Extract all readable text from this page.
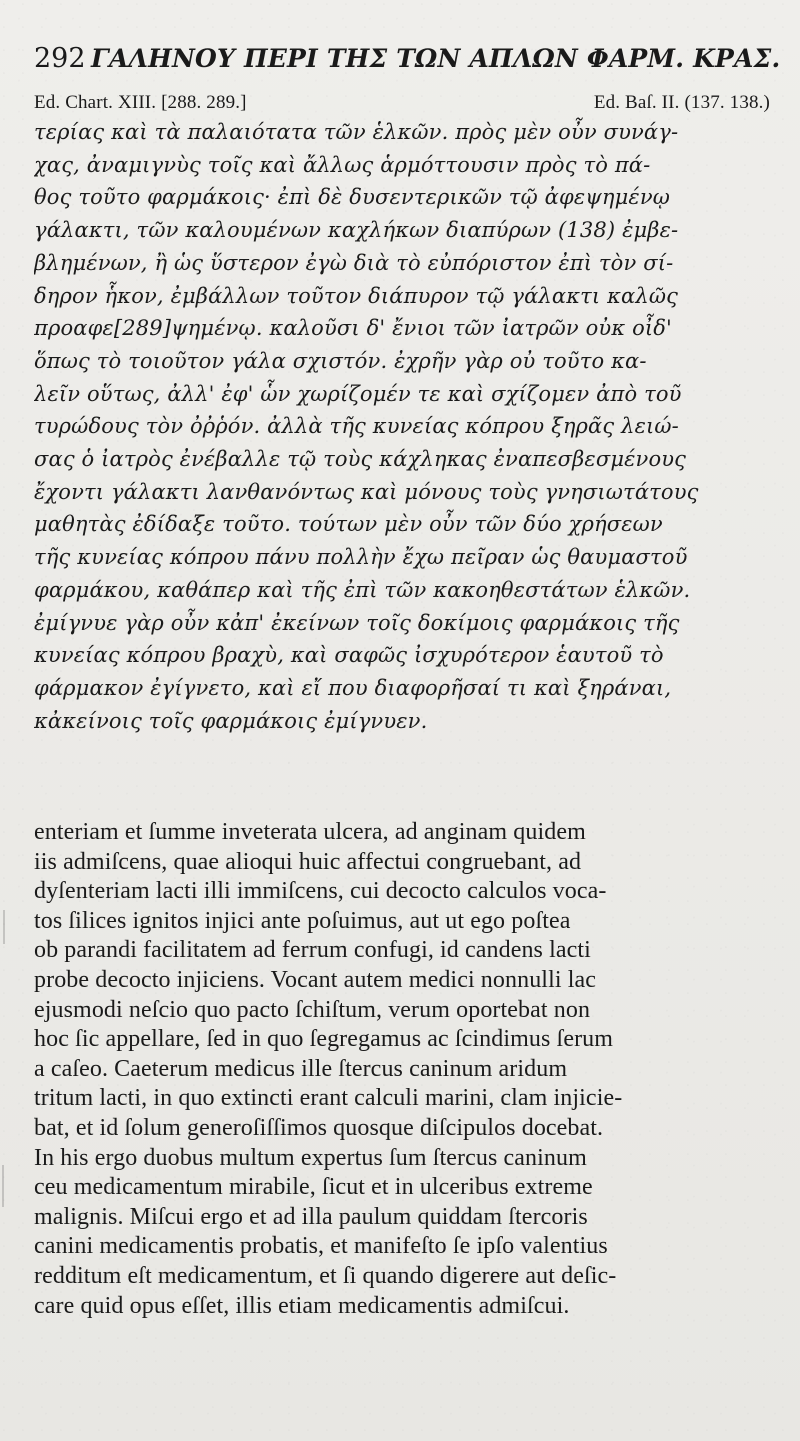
292 ΓΑΛΗΝΟΥ ΠΕΡΙ ΤΗΣ ΤΩΝ ΑΠΛΩΝ ΦΑΡΜ. ΚΡΑΣ.
Ed. Chart. XIII. [288. 289.]	Ed. Baſ. II. (137. 138.)
τερίας καὶ τὰ παλαιότατα τῶν ἑλκῶν. πρὸς μὲν οὖν συνάγ-
χας, ἀναμιγνὺς τοῖς καὶ ἄλλως ἁρμόττουσιν πρὸς τὸ πά-
θος τοῦτο φαρμάκοις· ἐπὶ δὲ δυσεντερικῶν τῷ ἀφεψημένῳ
γάλακτι, τῶν καλουμένων καχλήκων διαπύρων (138) ἐμβε-
βλημένων, ἢ ὡς ὕστερον ἐγὼ διὰ τὸ εὐπόριστον ἐπὶ τὸν σί-
δηρον ἧκον, ἐμβάλλων τοῦτον διάπυρον τῷ γάλακτι καλῶς
προαφε[289]ψημένῳ. καλοῦσι δ' ἔνιοι τῶν ἰατρῶν οὐκ οἶδ'
ὅπως τὸ τοιοῦτον γάλα σχιστόν. ἐχρῆν γὰρ οὐ τοῦτο κα-
λεῖν οὕτως, ἀλλ' ἐφ' ὧν χωρίζομέν τε καὶ σχίζομεν ἀπὸ τοῦ
τυρώδους τὸν ὀῤῥόν. ἀλλὰ τῆς κυνείας κόπρου ξηρᾶς λειώ-
σας ὁ ἰατρὸς ἐνέβαλλε τῷ τοὺς κάχληκας ἐναπεσβεσμένους
ἔχοντι γάλακτι λανθανόντως καὶ μόνους τοὺς γνησιωτάτους
μαθητὰς ἐδίδαξε τοῦτο. τούτων μὲν οὖν τῶν δύο χρήσεων
τῆς κυνείας κόπρου πάνυ πολλὴν ἔχω πεῖραν ὡς θαυμαστοῦ
φαρμάκου, καθάπερ καὶ τῆς ἐπὶ τῶν κακοηθεστάτων ἑλκῶν.
ἐμίγνυε γὰρ οὖν κἀπ' ἐκείνων τοῖς δοκίμοις φαρμάκοις τῆς
κυνείας κόπρου βραχὺ, καὶ σαφῶς ἰσχυρότερον ἑαυτοῦ τὸ
φάρμακον ἐγίγνετο, καὶ εἴ που διαφορῆσαί τι καὶ ξηράναι,
κἀκείνοις τοῖς φαρμάκοις ἐμίγνυεν.
enteriam et ſumme inveterata ulcera, ad anginam quidem
iis admiſcens, quae alioqui huic affectui congruebant, ad
dyſenteriam lacti illi immiſcens, cui decocto calculos voca-
tos ſilices ignitos injici ante poſuimus, aut ut ego poſtea
ob parandi facilitatem ad ferrum confugi, id candens lacti
probe decocto injiciens. Vocant autem medici nonnulli lac
ejusmodi neſcio quo pacto ſchiſtum, verum oportebat non
hoc ſic appellare, ſed in quo ſegregamus ac ſcindimus ſerum
a caſeo. Caeterum medicus ille ſtercus caninum aridum
tritum lacti, in quo extincti erant calculi marini, clam injicie-
bat, et id ſolum generoſiſſimos quosque diſcipulos docebat.
In his ergo duobus multum expertus ſum ſtercus caninum
ceu medicamentum mirabile, ſicut et in ulceribus extreme
malignis. Miſcui ergo et ad illa paulum quiddam ſtercoris
canini medicamentis probatis, et manifeſto ſe ipſo valentius
redditum eſt medicamentum, et ſi quando digerere aut deſic-
care quid opus eſſet, illis etiam medicamentis admiſcui.
